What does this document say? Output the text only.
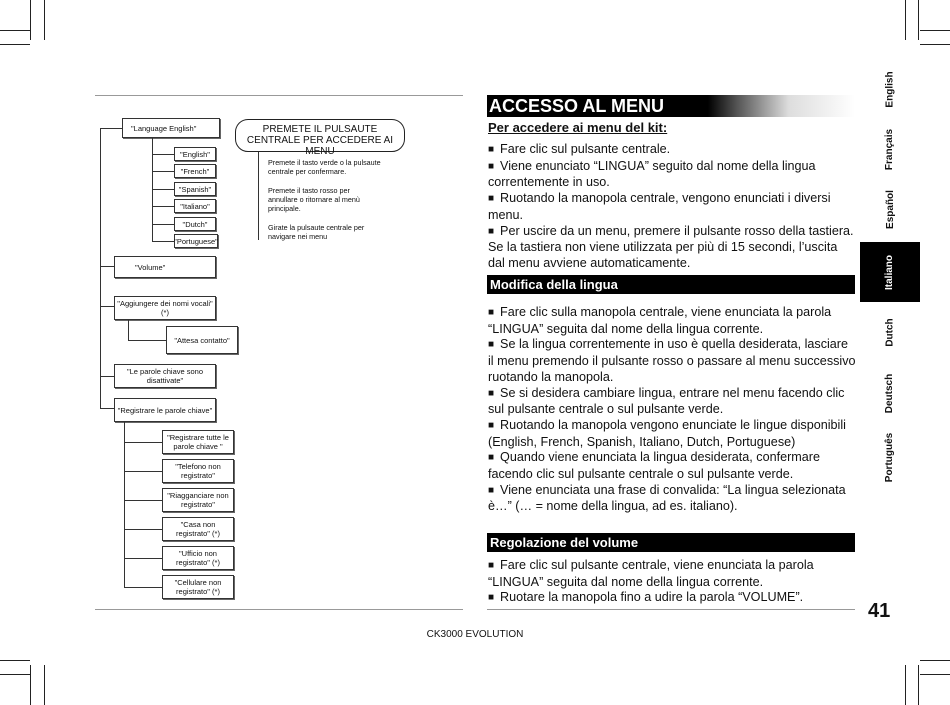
"Language English"
"English"
"French"
"Spanish"
"Italiano"
"Dutch"
"Portuguese"
"Volume"
"Aggiungere dei nomi vocali" (*)
"Attesa contatto"
"Le parole chiave sono disattivate"
"Registrare le parole chiave"
"Registrare tutte le parole chiave "
"Telefono non registrato"
"Riagganciare non registrato"
"Casa non registrato" (*)
"Ufficio non registrato" (*)
"Cellulare non registrato" (*)
PREMETE IL PULSAUTE CENTRALE PER ACCEDERE AI MENU
Premete il tasto verde o la pulsaute centrale per confermare.
Premete il tasto rosso per annullare o ritornare al menù principale.
Girate la pulsaute centrale per navigare nei menu
ACCESSO AL MENU
Per accedere ai menu del kit:

■ Fare clic sul pulsante centrale.

■ Viene enunciato “LINGUA” seguito dal nome della lingua correntemente in uso.

■ Ruotando la manopola centrale, vengono enunciati i diversi menu.

■ Per uscire da un menu, premere il pulsante rosso della tastiera. Se la tastiera non viene utilizzata per più di 15 secondi, l’uscita dal menu avviene automaticamente.

Modifica della lingua

■ Fare clic sulla manopola centrale, viene enunciata la parola “LINGUA” seguita dal nome della lingua corrente.

■ Se la lingua correntemente in uso è quella desiderata, lasciare il menu premendo il pulsante rosso o passare al menu successivo ruotando la manopola.

■ Se si desidera cambiare lingua, entrare nel menu facendo clic sul pulsante centrale o sul pulsante verde.

■ Ruotando la manopola vengono enunciate le lingue disponibili (English, French, Spanish, Italiano, Dutch, Portuguese)

■ Quando viene enunciata la lingua desiderata, confermare facendo clic sul pulsante centrale o sul pulsante verde.

■ Viene enunciata una frase di convalida: “La lingua selezionata è…” (… = nome della lingua, ad es. italiano).

Regolazione del volume

■ Fare clic sul pulsante centrale, viene enunciata la parola “LINGUA” seguita dal nome della lingua corrente.

■ Ruotare la manopola fino a udire la parola “VOLUME”.

English
Français
Español
Italiano
Dutch
Deutsch
Português
41
CK3000 EVOLUTION
